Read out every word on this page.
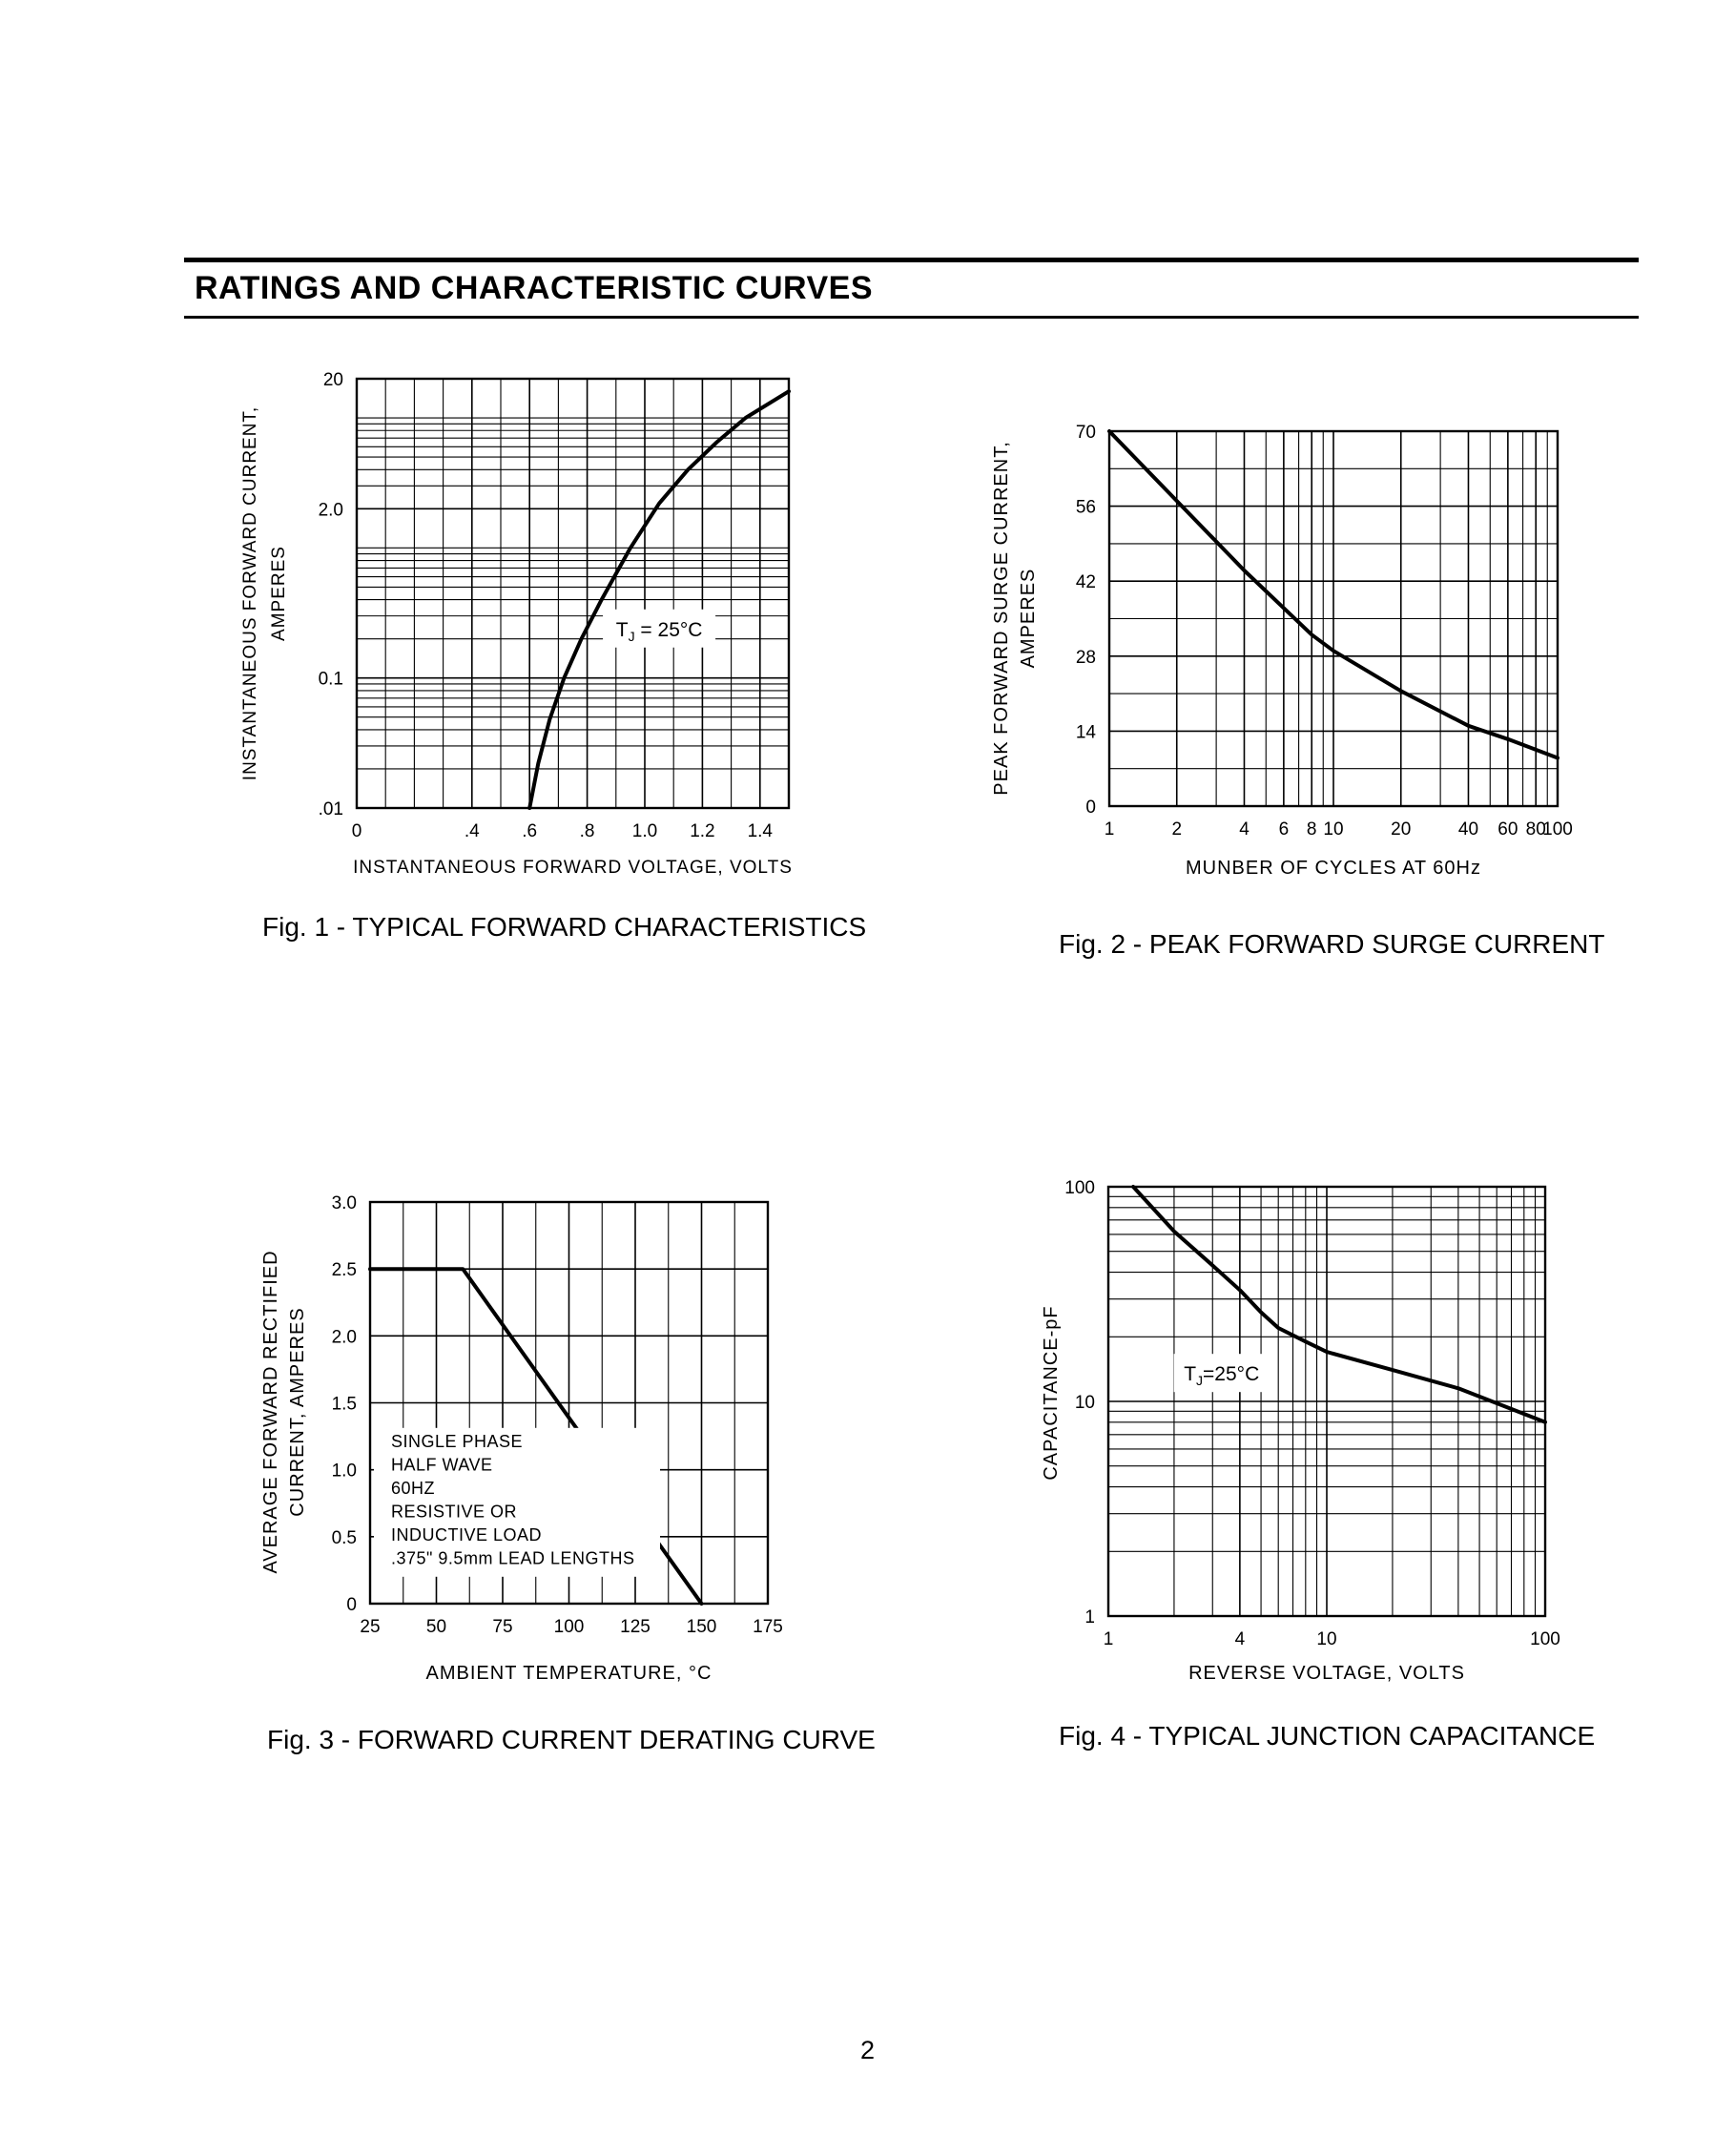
RATINGS AND CHARACTERISTIC CURVES
0	.4 .6 .8 1.0 1.2 1.4
.01
0.1
2.0
20
INSTANTANEOUS FORWARD VOLTAGE, VOLTS
INSTANTANEOUS FORWARD CURRENT, AMPERES	$T_J = 25^\circ C$
Fig. 1 - TYPICAL FORWARD CHARACTERISTICS
1	2	4 6 8 10	20	40 60 80
100
0
14
28
42
56
70
MUNBER OF CYCLES AT 60Hz
PEAK FORWARD SURGE CURRENT, AMPERES
Fig. 2 - PEAK FORWARD SURGE CURRENT
25	50	75 100 125 150 175
0
0.5
1.0
1.5
2.0
2.5
3.0
AMBIENT TEMPERATURE, °C
AVERAGE FORWARD RECTIFIED CURRENT, AMPERES	SINGLE PHASE
HALF WAVE
60HZ
RESISTIVE OR
INDUCTIVE LOAD
.375" 9.5mm LEAD LENGTHS
Fig. 3 - FORWARD CURRENT DERATING CURVE
1	4	10	100
1
10
100
REVERSE VOLTAGE, VOLTS
CAPACITANCE-pF	$T_J=25^\circ C$
Fig. 4 - TYPICAL JUNCTION CAPACITANCE
2
